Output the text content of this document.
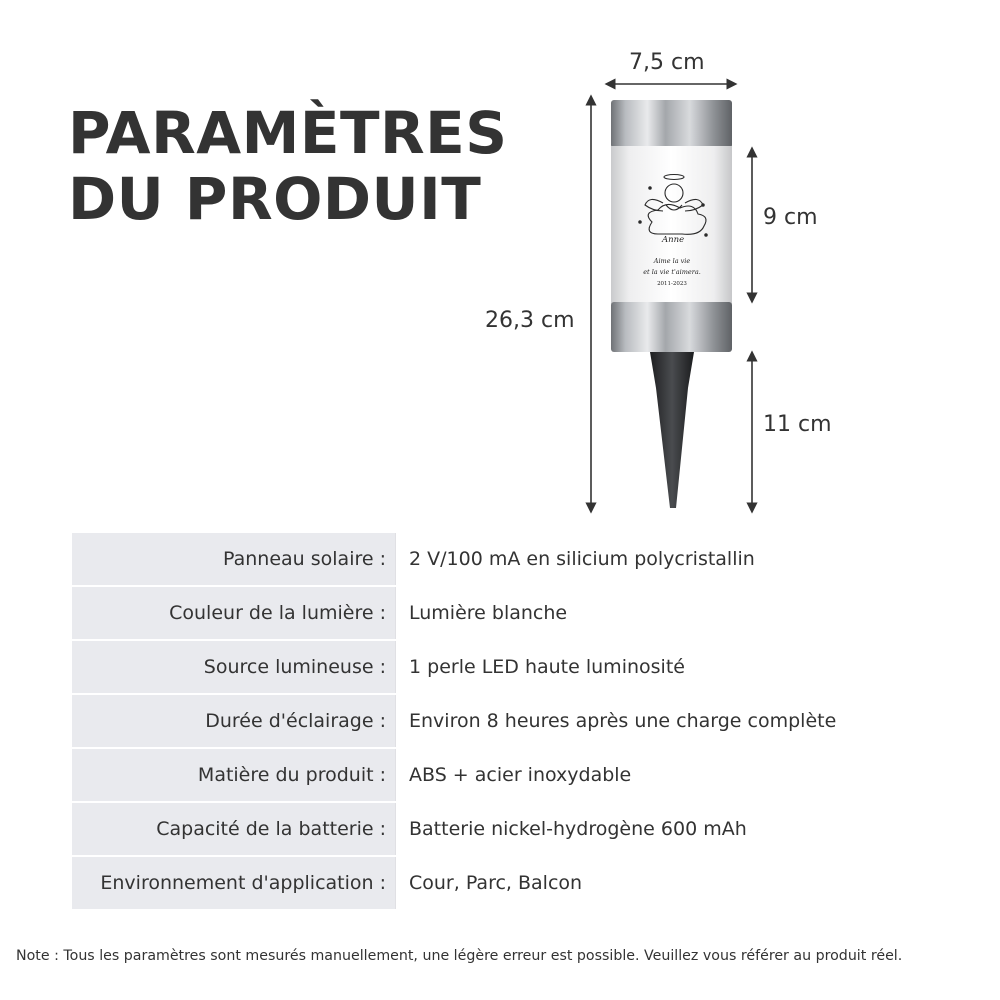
PARAMÈTRES
DU PRODUIT
Anne
Aime la vie
et la vie t'aimera.
2011-2023
7,5 cm
9 cm
26,3 cm
11 cm
Panneau solaire :	2 V/100 mA en silicium polycristallin
Couleur de la lumière :	Lumière blanche
Source lumineuse :	1 perle LED haute luminosité
Durée d'éclairage :	Environ 8 heures après une charge complète
Matière du produit :	ABS + acier inoxydable
Capacité de la batterie :	Batterie nickel-hydrogène 600 mAh
Environnement d'application :	Cour, Parc, Balcon
Note : Tous les paramètres sont mesurés manuellement, une légère erreur est possible. Veuillez vous référer au produit réel.
